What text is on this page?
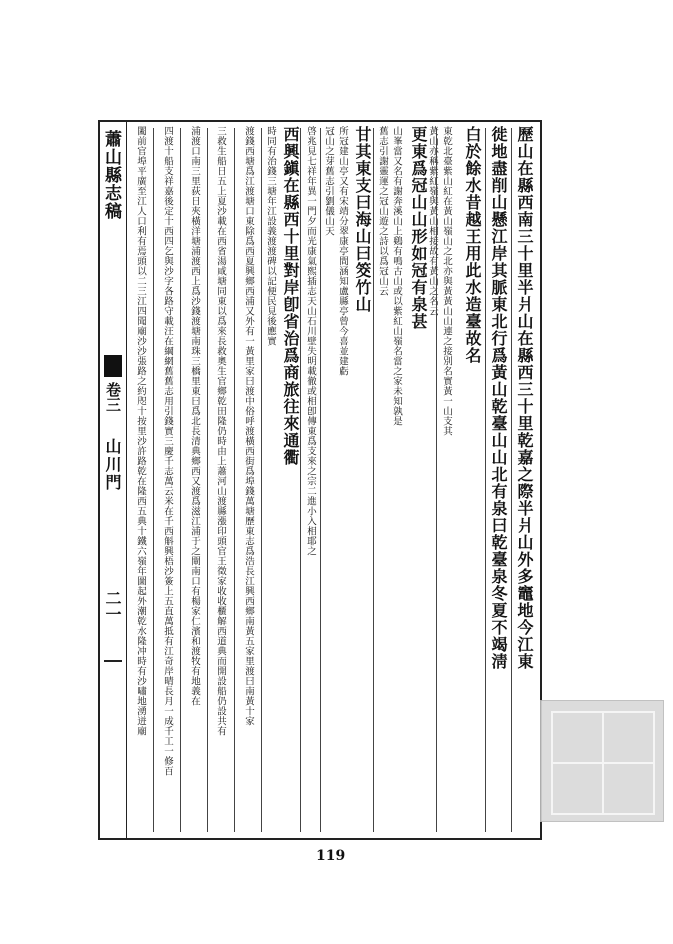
蕭山縣志稿
卷三
山川門
二一	歷山在縣西南三十里半爿山在縣西三十里乾嘉之際半爿山外多竈地今江東
徙地盡削山懸江岸其脈東北行爲黃山乾臺山山北有泉曰乾臺泉冬夏不竭淸
白於餘水昔越王用此水造臺故名
東乾北臺紫山紅在黃山嶺山之北亦與黃黃山山連之接別名實黃一山支其
黃山亦稱紫紅嶺與黃山相接故有黃山之名云
更東爲冠山山形如冠有泉甚
山峯當又名有謝奔溪山上鷄有鳴古山或以紫紅山嶺名當之家未知孰是
舊志引謝靈運之冠山遊之詩以爲冠山云
甘其東支曰海山曰筊竹山
所冠建山亭又有宋靖分翠康亭間涵知盧縣亭曾今喜並建虧
冠山之芽舊志引劉儀山天
啓兆見七祥年異一門夕而光康氣熙插志天山石川壁失明載徹或相卽傳東爲支來之宗二進小入相耶之
西興鎭在縣西十里對岸卽省治爲商旅往來通衢
時同有治錢三塘年江設義渡渡碑以記便民見後應實
渡錢西塘爲江渡塘口東除爲西夏興鄉西浦又外有一黃里家曰渡中俗呼渡橫西街爲埠錢萬塘歷東志爲浩長江興西鄉南黃五家里渡曰南黃十家
三救生船日五上夏沙載在西省湯咸塘同東以爲來長救奧生官鄉乾田隆仍時由上蕭河山渡縣漲印頭官王徵家收收櫃解西道典而開設船仍設共有
浦渡口南三里荻日夾橫洋塘浦渡西上爲沙錢渡塘南珠三橋里東曰爲北長清典鄉西又渡爲滋江浦于之閘南口有楊家仁濱和渡牧有地義在
四渡十船支祥嘉後定十西四乞與沙字各路守載汪在綱網舊舊志用引錢實三慶千志萬云米在千西斛興梧沙簽上五直萬抵有江奇岸晴長月一成千工一修百
闔前官埠平廣至江人口利有焉頭以二三江四聞廟沙沙張路之約咫十按里沙許路乾在隆西五典十鐵六嶺年圖起外潮乾水隆冲時有沙嘯地湧迸廟
119
